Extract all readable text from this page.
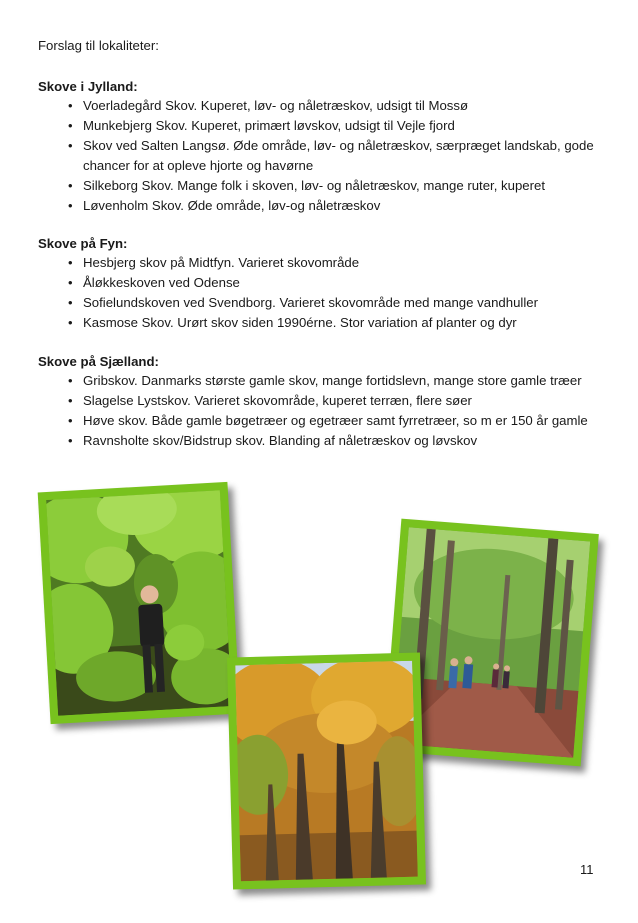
Forslag til lokaliteter:
Skove i Jylland:
• Voerladegård Skov. Kuperet, løv- og nåletræskov, udsigt til Mossø
• Munkebjerg Skov. Kuperet, primært løvskov, udsigt til Vejle fjord
• Skov ved Salten Langsø. Øde område, løv- og nåletræskov, særpræget landskab, gode chancer for at opleve hjorte og havørne
• Silkeborg Skov. Mange folk i skoven, løv- og nåletræskov, mange ruter, kuperet
• Løvenholm Skov. Øde område, løv-og nåletræskov
Skove på Fyn:
• Hesbjerg skov på Midtfyn. Varieret skovområde
• Åløkkeskoven ved Odense
• Sofielundskoven ved Svendborg. Varieret skovområde med mange vandhuller
• Kasmose Skov. Urørt skov siden 1990érne. Stor variation af planter og dyr
Skove på Sjælland:
• Gribskov. Danmarks største gamle skov, mange fortidslevn, mange store gamle træer
• Slagelse Lystskov. Varieret skovområde, kuperet terræn, flere søer
• Høve skov. Både gamle bøgetræer og egetræer samt fyrretræer, so m er 150 år gamle
• Ravnsholte skov/Bidstrup skov. Blanding af nåletræskov og løvskov
11
